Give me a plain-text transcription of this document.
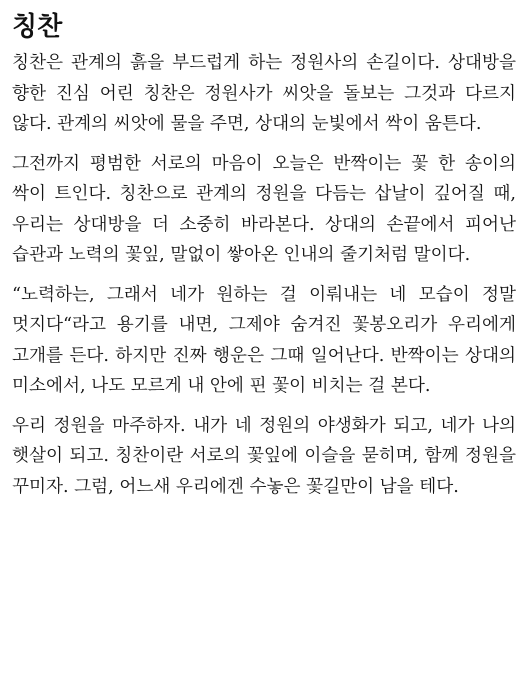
칭찬

칭찬은 관계의 흙을 부드럽게 하는 정원사의 손길이다. 상대방을 향한 진심 어린 칭찬은 정원사가 씨앗을 돌보는 그것과 다르지 않다. 관계의 씨앗에 물을 주면, 상대의 눈빛에서 싹이 움튼다.

그전까지 평범한 서로의 마음이 오늘은 반짝이는 꽃 한 송이의 싹이 트인다. 칭찬으로 관계의 정원을 다듬는 삽날이 깊어질 때, 우리는 상대방을 더 소중히 바라본다. 상대의 손끝에서 피어난 습관과 노력의 꽃잎, 말없이 쌓아온 인내의 줄기처럼 말이다.

“노력하는, 그래서 네가 원하는 걸 이뤄내는 네 모습이 정말 멋지다“라고 용기를 내면, 그제야 숨겨진 꽃봉오리가 우리에게 고개를 든다. 하지만 진짜 행운은 그때 일어난다. 반짝이는 상대의 미소에서, 나도 모르게 내 안에 핀 꽃이 비치는 걸 본다.

우리 정원을 마주하자. 내가 네 정원의 야생화가 되고, 네가 나의 햇살이 되고. 칭찬이란 서로의 꽃잎에 이슬을 묻히며, 함께 정원을 꾸미자. 그럼, 어느새 우리에겐 수놓은 꽃길만이 남을 테다.
